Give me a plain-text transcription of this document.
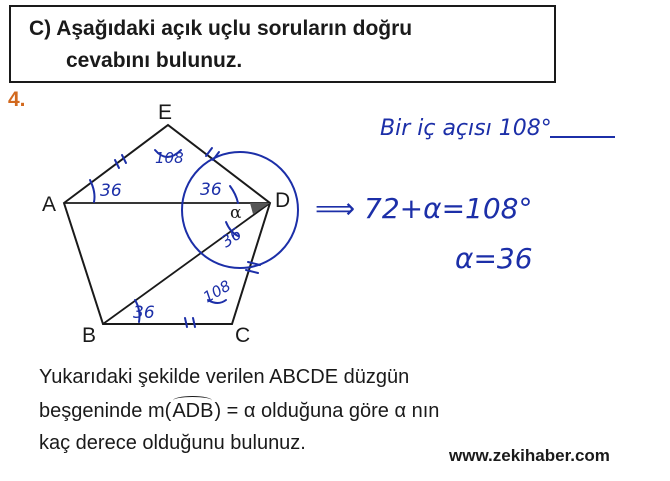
C) Aşağıdaki açık uçlu soruların doğru
cevabını bulunuz.
4.
A
E
D
B	C
α
108
36	36
36
36
108
Bir iç açısı 108°
⟹ 72+α=108°
α=36
Yukarıdaki şekilde verilen ABCDE düzgün
beşgeninde m(ADB) = α olduğuna göre α nın
kaç derece olduğunu bulunuz.
www.zekihaber.com
